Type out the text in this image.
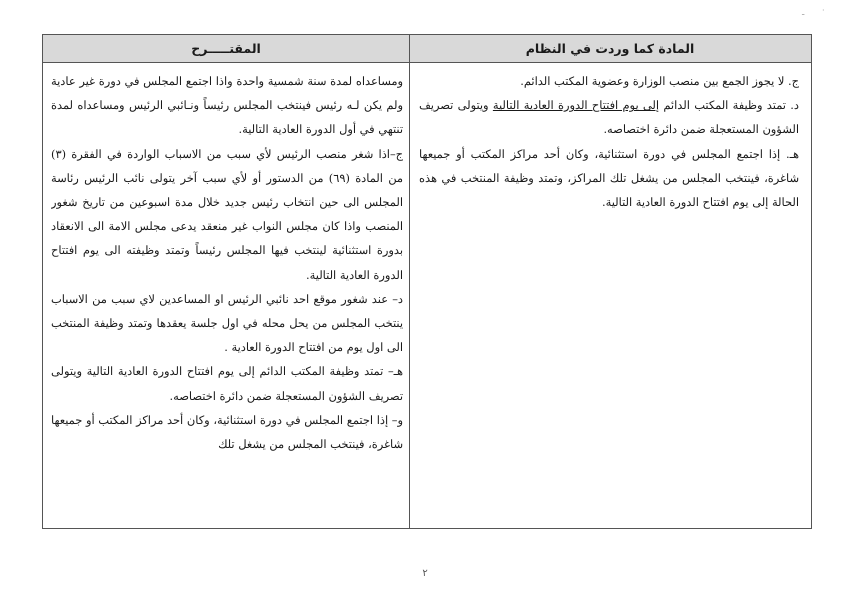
ـ ·
المادة كما وردت في النظام
المقتـــــرح

ج. لا يجوز الجمع بين منصب الوزارة وعضوية المكتب الدائم.

د. تمتد وظيفة المكتب الدائم إلى يوم افتتاح الدورة العادية التالية ويتولى تصريف الشؤون المستعجلة ضمن دائرة اختصاصه.

هـ. إذا اجتمع المجلس في دورة استثنائية، وكان أحد مراكز المكتب أو جميعها شاغرة، فينتخب المجلس من يشغل تلك المراكز، وتمتد وظيفة المنتخب في هذه الحالة إلى يوم افتتاح الدورة العادية التالية.

ومساعداه لمدة سنة شمسية واحدة واذا اجتمع المجلس في دورة غير عادية ولم يكن لـه رئيس فينتخب المجلس رئيساً ونـائبي الرئيس ومساعداه لمدة تنتهي في أول الدورة العادية التالية.

ج–اذا شغر منصب الرئيس لأي سبب من الاسباب الواردة في الفقرة (٣) من المادة (٦٩) من الدستور أو لأي سبب آخر يتولى نائب الرئيس رئاسة المجلس الى حين انتخاب رئيس جديد خلال مدة اسبوعين من تاريخ شغور المنصب واذا كان مجلس النواب غير منعقد يدعى مجلس الامة الى الانعقاد بدورة استثنائية لينتخب فيها المجلس رئيساً وتمتد وظيفته الى يوم افتتاح الدورة العادية التالية.

د– عند شغور موقع احد نائبي الرئيس او المساعدين لاي سبب من الاسباب ينتخب المجلس من يحل محله في اول جلسة يعقدها وتمتد وظيفة المنتخب الى اول يوم من افتتاح الدورة العادية .

هـ– تمتد وظيفة المكتب الدائم إلى يوم افتتاح الدورة العادية التالية ويتولى تصريف الشؤون المستعجلة ضمن دائرة اختصاصه.

و– إذا اجتمع المجلس في دورة استثنائية، وكان أحد مراكز المكتب أو جميعها شاغرة، فينتخب المجلس من يشغل تلك

٢
